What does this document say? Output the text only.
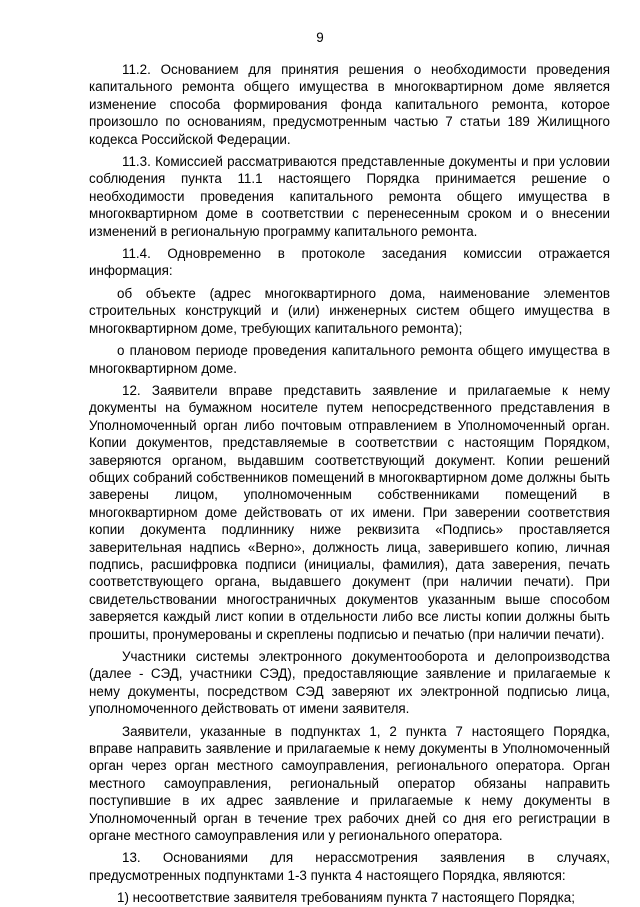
9

11.2. Основанием для принятия решения о необходимости проведения капитального ремонта общего имущества в многоквартирном доме является изменение способа формирования фонда капитального ремонта, которое произошло по основаниям, предусмотренным частью 7 статьи 189 Жилищного кодекса Российской Федерации.

11.3. Комиссией рассматриваются представленные документы и при условии соблюдения пункта 11.1 настоящего Порядка принимается решение о необходимости проведения капитального ремонта общего имущества в многоквартирном доме в соответствии с перенесенным сроком и о внесении изменений в региональную программу капитального ремонта.

11.4. Одновременно в протоколе заседания комиссии отражается информация:

об объекте (адрес многоквартирного дома, наименование элементов строительных конструкций и (или) инженерных систем общего имущества в многоквартирном доме, требующих капитального ремонта);

о плановом периоде проведения капитального ремонта общего имущества в многоквартирном доме.

12. Заявители вправе представить заявление и прилагаемые к нему документы на бумажном носителе путем непосредственного представления в Уполномоченный орган либо почтовым отправлением в Уполномоченный орган. Копии документов, представляемые в соответствии с настоящим Порядком, заверяются органом, выдавшим соответствующий документ. Копии решений общих собраний собственников помещений в многоквартирном доме должны быть заверены лицом, уполномоченным собственниками помещений в многоквартирном доме действовать от их имени. При заверении соответствия копии документа подлиннику ниже реквизита «Подпись» проставляется заверительная надпись «Верно», должность лица, заверившего копию, личная подпись, расшифровка подписи (инициалы, фамилия), дата заверения, печать соответствующего органа, выдавшего документ (при наличии печати). При свидетельствовании многостраничных документов указанным выше способом заверяется каждый лист копии в отдельности либо все листы копии должны быть прошиты, пронумерованы и скреплены подписью и печатью (при наличии печати).

Участники системы электронного документооборота и делопроизводства (далее - СЭД, участники СЭД), предоставляющие заявление и прилагаемые к нему документы, посредством СЭД заверяют их электронной подписью лица, уполномоченного действовать от имени заявителя.

Заявители, указанные в подпунктах 1, 2 пункта 7 настоящего Порядка, вправе направить заявление и прилагаемые к нему документы в Уполномоченный орган через орган местного самоуправления, регионального оператора. Орган местного самоуправления, региональный оператор обязаны направить поступившие в их адрес заявление и прилагаемые к нему документы в Уполномоченный орган в течение трех рабочих дней со дня его регистрации в органе местного самоуправления или у регионального оператора.

13. Основаниями для нерассмотрения заявления в случаях, предусмотренных подпунктами 1-3 пункта 4 настоящего Порядка, являются:

1) несоответствие заявителя требованиям пункта 7 настоящего Порядка;
